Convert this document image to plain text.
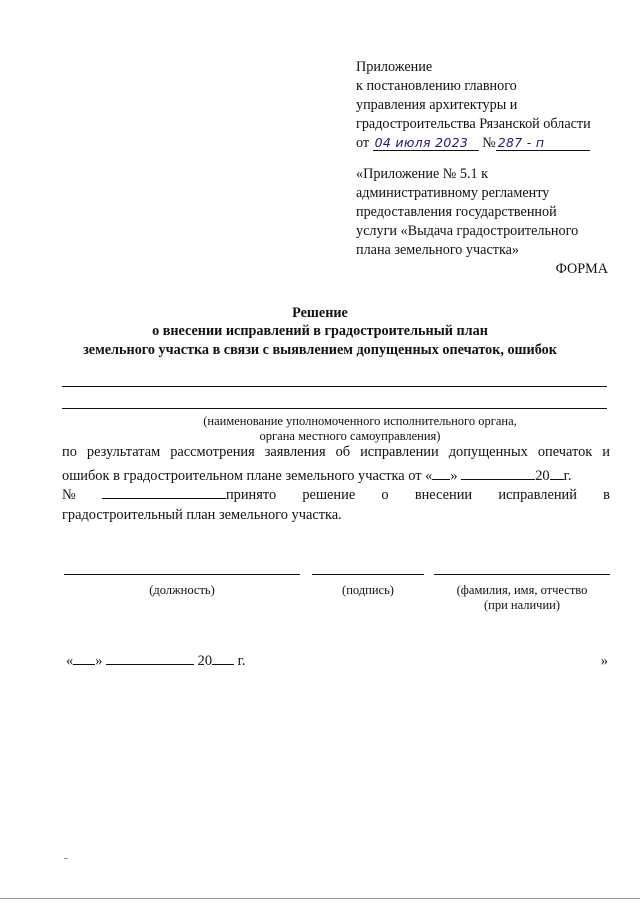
Приложение
к постановлению главного
управления архитектуры и
градостроительства Рязанской области
от 04 июля 2023 № 287 - п
«Приложение № 5.1 к
административному регламенту
предоставления государственной
услуги «Выдача градостроительного
плана земельного участка»
ФОРМА
Решение
о внесении исправлений в градостроительный план
земельного участка в связи с выявлением допущенных опечаток, ошибок
(наименование уполномоченного исполнительного органа,
органа местного самоуправления)
по результатам рассмотрения заявления об исправлении допущенных опечаток и
ошибок в градостроительном плане земельного участка от « »	20 г.
№	принято решение о внесении исправлений в
градостроительный план земельного участка.
(должность)	(подпись)	(фамилия, имя, отчество
(при наличии)
« »	20 г.	»
